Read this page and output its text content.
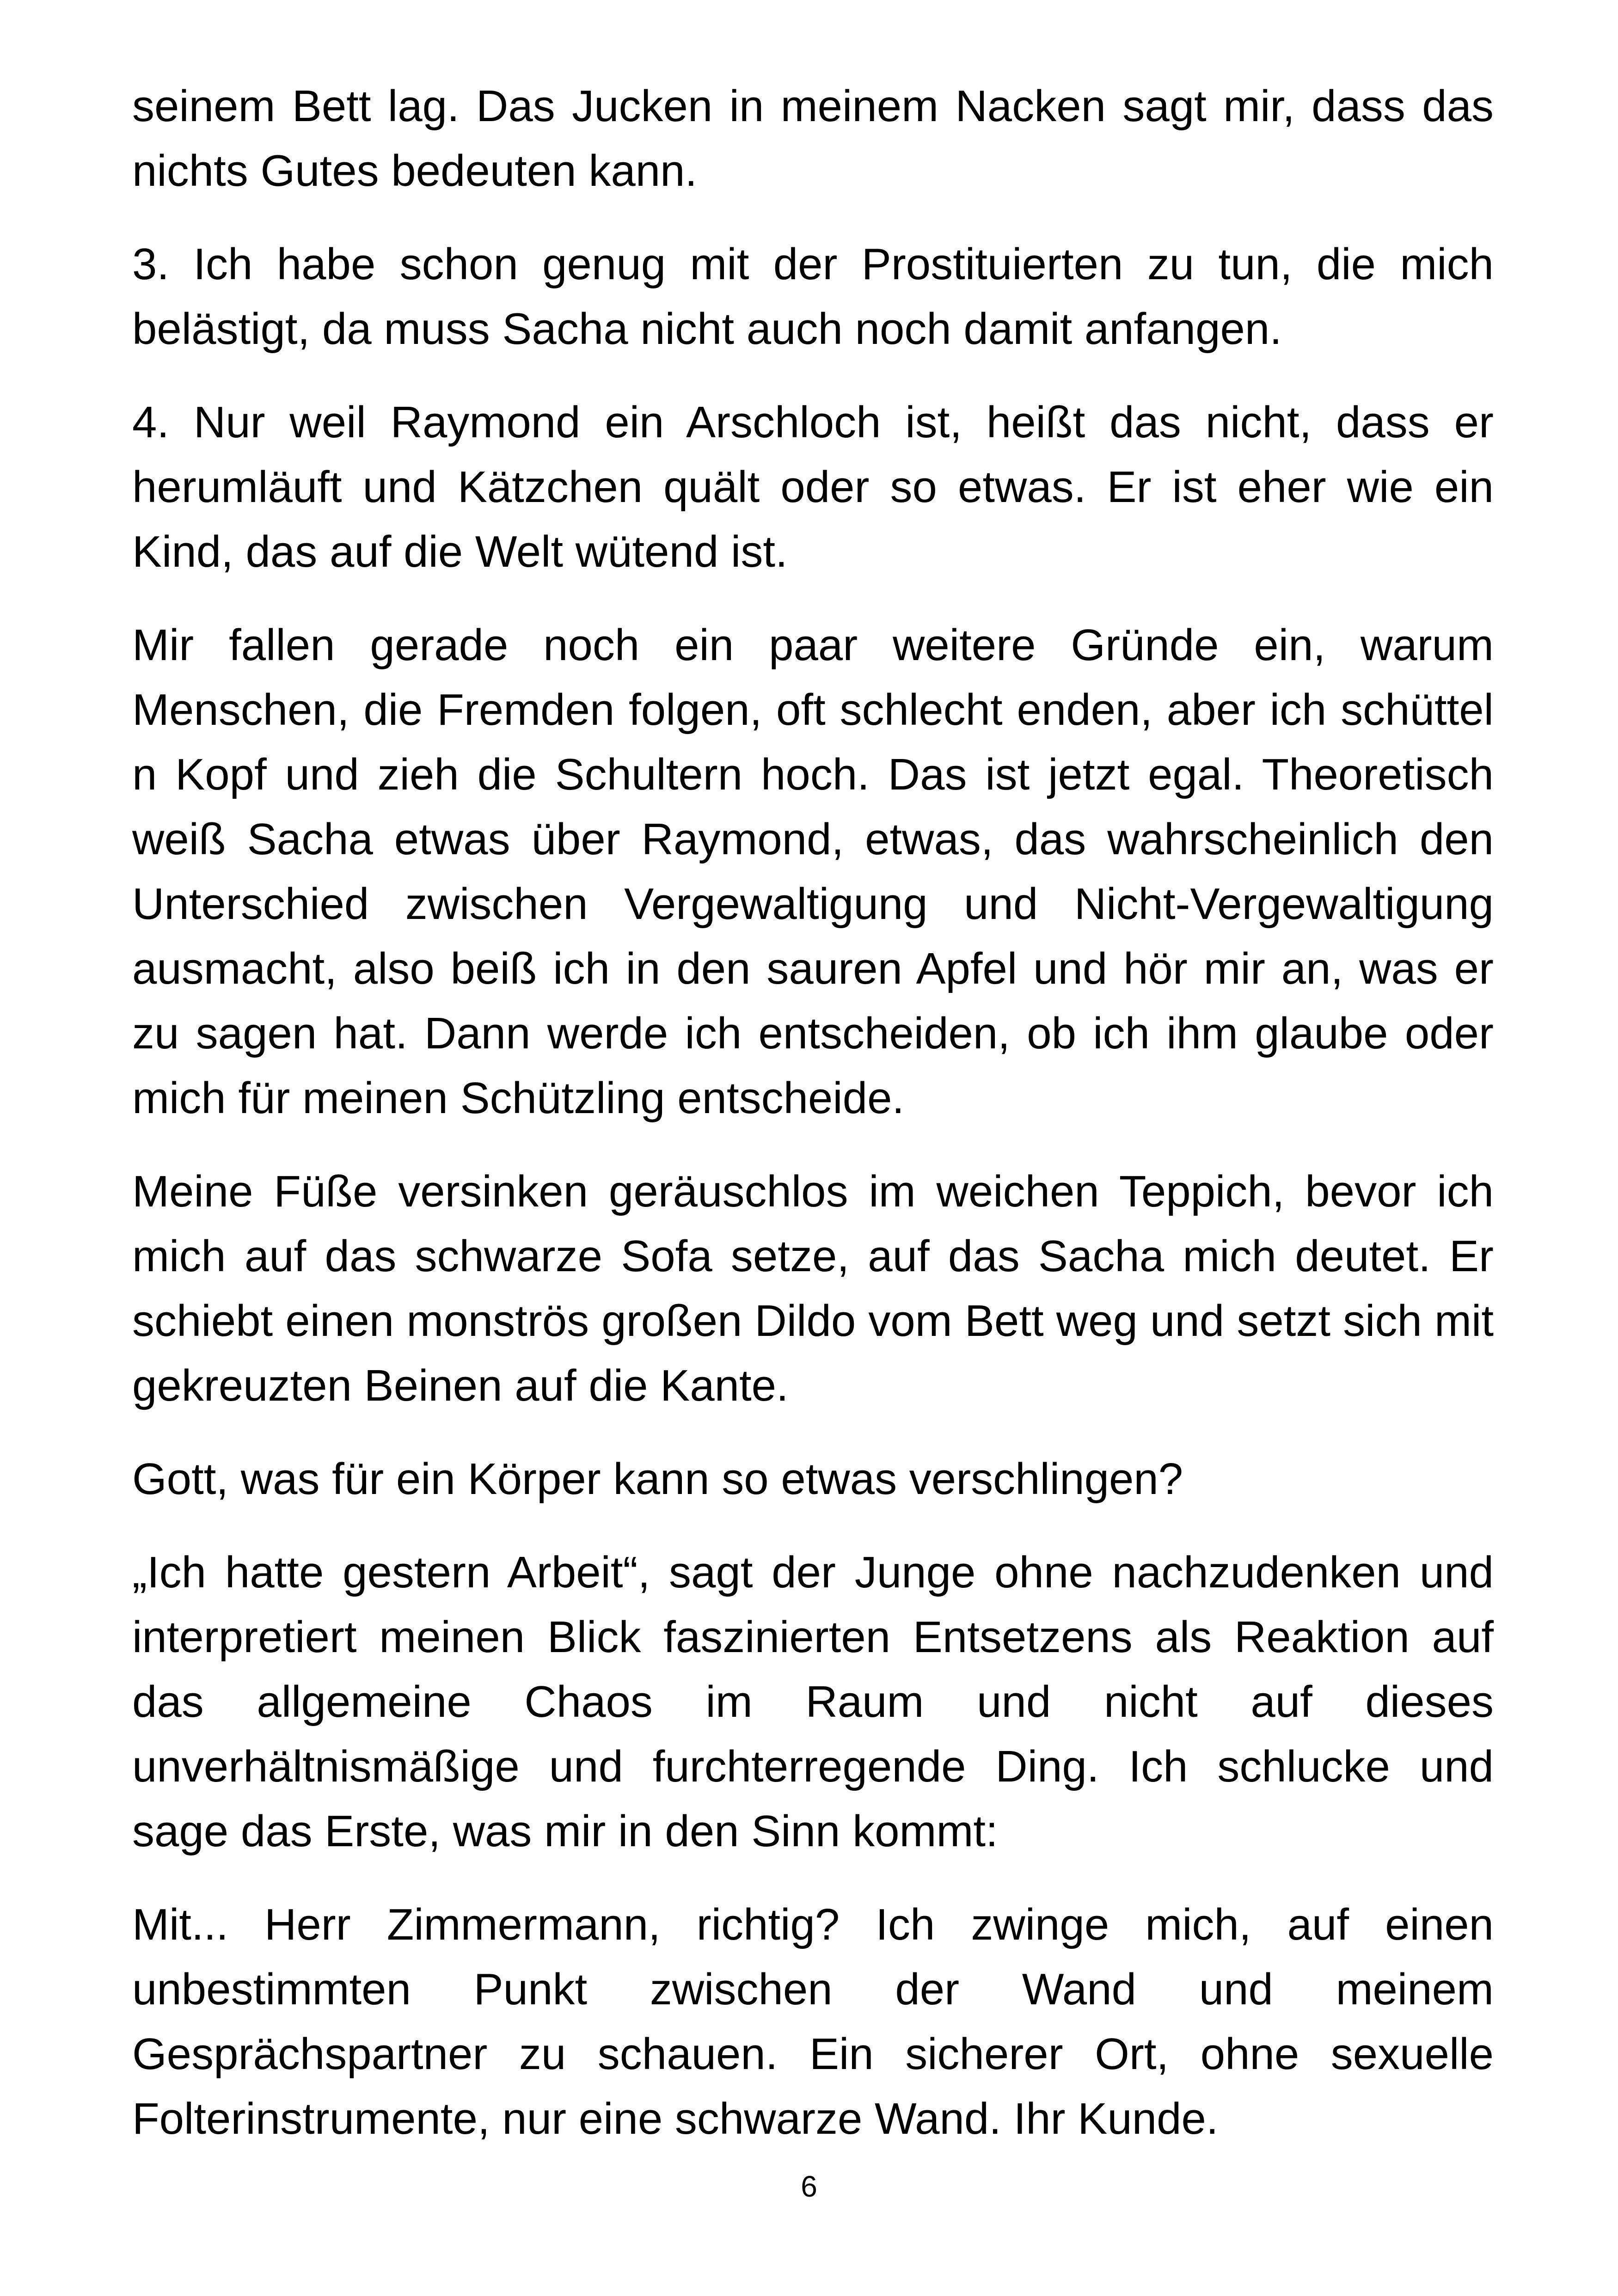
seinem Bett lag. Das Jucken in meinem Nacken sagt mir, dass das nichts Gutes bedeuten kann.

3. Ich habe schon genug mit der Prostituierten zu tun, die mich belästigt, da muss Sacha nicht auch noch damit anfangen.

4. Nur weil Raymond ein Arschloch ist, heißt das nicht, dass er herumläuft und Kätzchen quält oder so etwas. Er ist eher wie ein Kind, das auf die Welt wütend ist.

Mir fallen gerade noch ein paar weitere Gründe ein, warum Menschen, die Fremden folgen, oft schlecht enden, aber ich schüttel n Kopf und zieh die Schultern hoch. Das ist jetzt egal. Theoretisch weiß Sacha etwas über Raymond, etwas, das wahrscheinlich den Unterschied zwischen Vergewaltigung und Nicht-Vergewaltigung ausmacht, also beiß ich in den sauren Apfel und hör mir an, was er zu sagen hat. Dann werde ich entscheiden, ob ich ihm glaube oder mich für meinen Schützling entscheide.

Meine Füße versinken geräuschlos im weichen Teppich, bevor ich mich auf das schwarze Sofa setze, auf das Sacha mich deutet. Er schiebt einen monströs großen Dildo vom Bett weg und setzt sich mit gekreuzten Beinen auf die Kante.

Gott, was für ein Körper kann so etwas verschlingen?

„Ich hatte gestern Arbeit“, sagt der Junge ohne nachzudenken und interpretiert meinen Blick faszinierten Entsetzens als Reaktion auf das allgemeine Chaos im Raum und nicht auf dieses unverhältnismäßige und furchterregende Ding. Ich schlucke und sage das Erste, was mir in den Sinn kommt:

Mit... Herr Zimmermann, richtig? Ich zwinge mich, auf einen unbestimmten Punkt zwischen der Wand und meinem Gesprächspartner zu schauen. Ein sicherer Ort, ohne sexuelle Folterinstrumente, nur eine schwarze Wand. Ihr Kunde.

6
